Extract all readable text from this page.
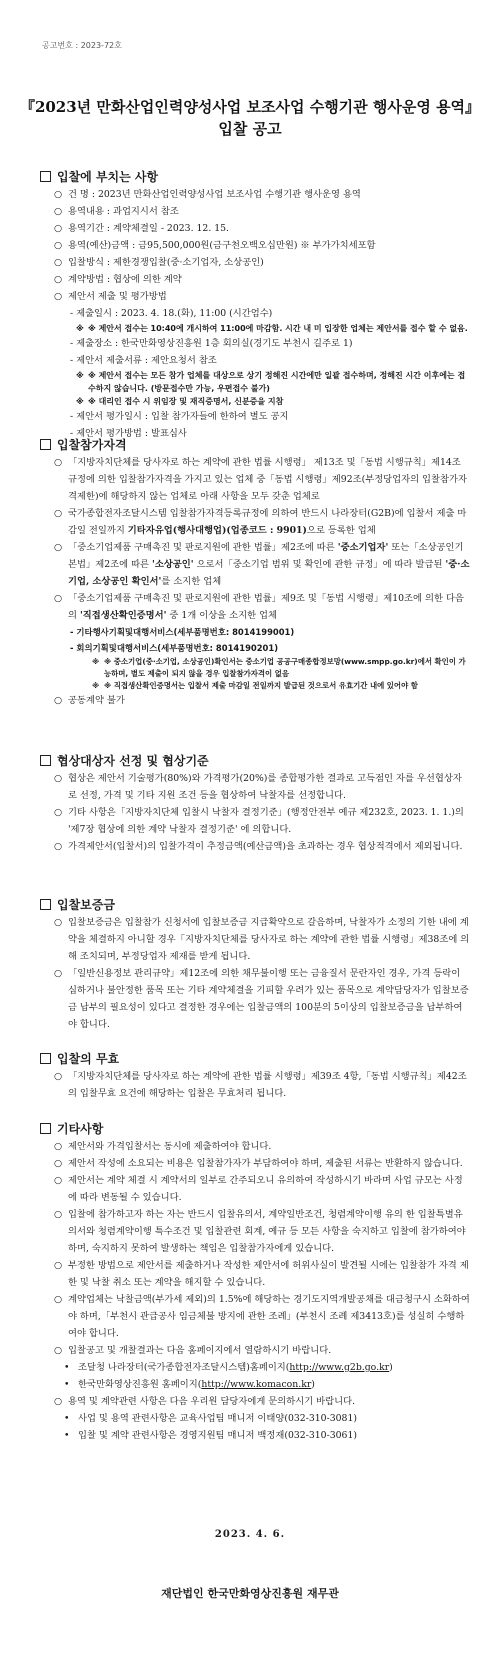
공고번호 : 2023-72호
『2023년 만화산업인력양성사업 보조사업 수행기관 행사운영 용역』
입찰 공고
입찰에 부치는 사항
○ 건 명 : 2023년 만화산업인력양성사업 보조사업 수행기관 행사운영 용역
○ 용역내용 : 과업지시서 참조
○ 용역기간 : 계약체결일 - 2023. 12. 15.
○ 용역(예산)금액 : 금95,500,000원(금구천오백오십만원) ※ 부가가치세포함
○ 입찰방식 : 제한경쟁입찰(중·소기업자, 소상공인)
○ 계약방법 : 협상에 의한 계약
○ 제안서 제출 및 평가방법
- 제출일시 : 2023. 4. 18.(화), 11:00 (시간엄수)
※ ※ 제안서 접수는 10:40에 개시하여 11:00에 마감함. 시간 내 미 입장한 업체는 제안서를 접수 할 수 없음.
- 제출장소 : 한국만화영상진흥원 1층 회의실(경기도 부천시 길주로 1)
- 제안서 제출서류 : 제안요청서 참조
※ ※ 제안서 접수는 모든 참가 업체를 대상으로 상기 정해진 시간에만 일괄 접수하며, 정해진 시간 이후에는 접수하지 않습니다. (방문접수만 가능, 우편접수 불가)
※ ※ 대리인 접수 시 위임장 및 재직증명서, 신분증을 지참
- 제안서 평가일시 : 입찰 참가자들에 한하여 별도 공지
- 제안서 평가방법 : 발표심사
입찰참가자격
○ 「지방자치단체를 당사자로 하는 계약에 관한 법률 시행령」 제13조 및「동법 시행규칙」제14조 규정에 의한 입찰참가자격을 가지고 있는 업체 중「동법 시행령」제92조(부정당업자의 입찰참가자격제한)에 해당하지 않는 업체로 아래 사항을 모두 갖춘 업체로
○ 국가종합전자조달시스템 입찰참가자격등록규정에 의하여 반드시 나라장터(G2B)에 입찰서 제출 마감일 전일까지 기타자유업(행사대행업)(업종코드 : 9901)으로 등록한 업체
○ 「중소기업제품 구매촉진 및 판로지원에 관한 법률」제2조에 따른 '중소기업자' 또는「소상공인기본법」제2조에 따른 '소상공인' 으로서「중소기업 범위 및 확인에 관한 규정」에 따라 발급된 '중·소기업, 소상공인 확인서'를 소지한 업체
○ 「중소기업제품 구매촉진 및 판로지원에 관한 법률」제9조 및「동법 시행령」제10조에 의한 다음의 '직접생산확인증명서' 중 1개 이상을 소지한 업체
- 기타행사기획및대행서비스(세부품명번호: 8014199001)
- 회의기획및대행서비스(세부품명번호: 8014190201)
※ ※ 중소기업(중·소기업, 소상공인)확인서는 중소기업 공공구매종합정보망(www.smpp.go.kr)에서 확인이 가능하며, 별도 제출이 되지 않을 경우 입찰참가자격이 없음
※ ※ 직접생산확인증명서는 입찰서 제출 마감일 전일까지 발급된 것으로서 유효기간 내에 있어야 함
○ 공동계약 불가
협상대상자 선정 및 협상기준
○ 협상은 제안서 기술평가(80%)와 가격평가(20%)를 종합평가한 결과로 고득점인 자를 우선협상자로 선정, 가격 및 기타 지원 조건 등을 협상하여 낙찰자를 선정합니다.
○ 기타 사항은「지방자치단체 입찰시 낙찰자 결정기준」(행정안전부 예규 제232호, 2023. 1. 1.)의 '제7장 협상에 의한 계약 낙찰자 결정기준' 에 의합니다.
○ 가격제안서(입찰서)의 입찰가격이 추정금액(예산금액)을 초과하는 경우 협상적격에서 제외됩니다.
입찰보증금
○ 입찰보증금은 입찰참가 신청서에 입찰보증금 지급확약으로 갈음하며, 낙찰자가 소정의 기한 내에 계약을 체결하지 아니할 경우「지방자치단체를 당사자로 하는 계약에 관한 법률 시행령」제38조에 의해 조치되며, 부정당업자 제재를 받게 됩니다.
○ 「일반신용정보 관리규약」제12조에 의한 채무불이행 또는 금융질서 문란자인 경우, 가격 등락이 심하거나 불안정한 품목 또는 기타 계약체결을 기피할 우려가 있는 품목으로 계약담당자가 입찰보증금 납부의 필요성이 있다고 결정한 경우에는 입찰금액의 100분의 5이상의 입찰보증금을 납부하여야 합니다.
입찰의 무효
○ 「지방자치단체를 당사자로 하는 계약에 관한 법률 시행령」제39조 4항,「동법 시행규칙」제42조의 입찰무효 요건에 해당하는 입찰은 무효처리 됩니다.
기타사항
○ 제안서와 가격입찰서는 동시에 제출하여야 합니다.
○ 제안서 작성에 소요되는 비용은 입찰참가자가 부담하여야 하며, 제출된 서류는 반환하지 않습니다.
○ 제안서는 계약 체결 시 계약서의 일부로 간주되오니 유의하여 작성하시기 바라며 사업 규모는 사정에 따라 변동될 수 있습니다.
○ 입찰에 참가하고자 하는 자는 반드시 입찰유의서, 계약일반조건, 청렴계약이행 유의 한 입찰특별유의서와 청렴계약이행 특수조건 및 입찰관련 회계, 예규 등 모든 사항을 숙지하고 입찰에 참가하여야 하며, 숙지하지 못하여 발생하는 책임은 입찰참가자에게 있습니다.
○ 부정한 방법으로 제안서를 제출하거나 작성한 제안서에 허위사실이 발견될 시에는 입찰참가 자격 제한 및 낙찰 취소 또는 계약을 해지할 수 있습니다.
○ 계약업체는 낙찰금액(부가세 제외)의 1.5%에 해당하는 경기도지역개발공채를 대금청구시 소화하여야 하며,「부천시 관급공사 임금체불 방지에 관한 조례」(부천시 조례 제3413호)를 성실히 수행하여야 합니다.
○ 입찰공고 및 개찰결과는 다음 홈페이지에서 열람하시기 바랍니다.
• 조달청 나라장터(국가종합전자조달시스템)홈페이지(http://www.g2b.go.kr)
• 한국만화영상진흥원 홈페이지(http://www.komacon.kr)
○ 용역 및 계약관련 사항은 다음 우리원 담당자에게 문의하시기 바랍니다.
• 사업 및 용역 관련사항은 교육사업팀 매니저 이태양(032-310-3081)
• 입찰 및 계약 관련사항은 경영지원팀 매니저 백정재(032-310-3061)
2023. 4. 6.
재단법인 한국만화영상진흥원 재무관
